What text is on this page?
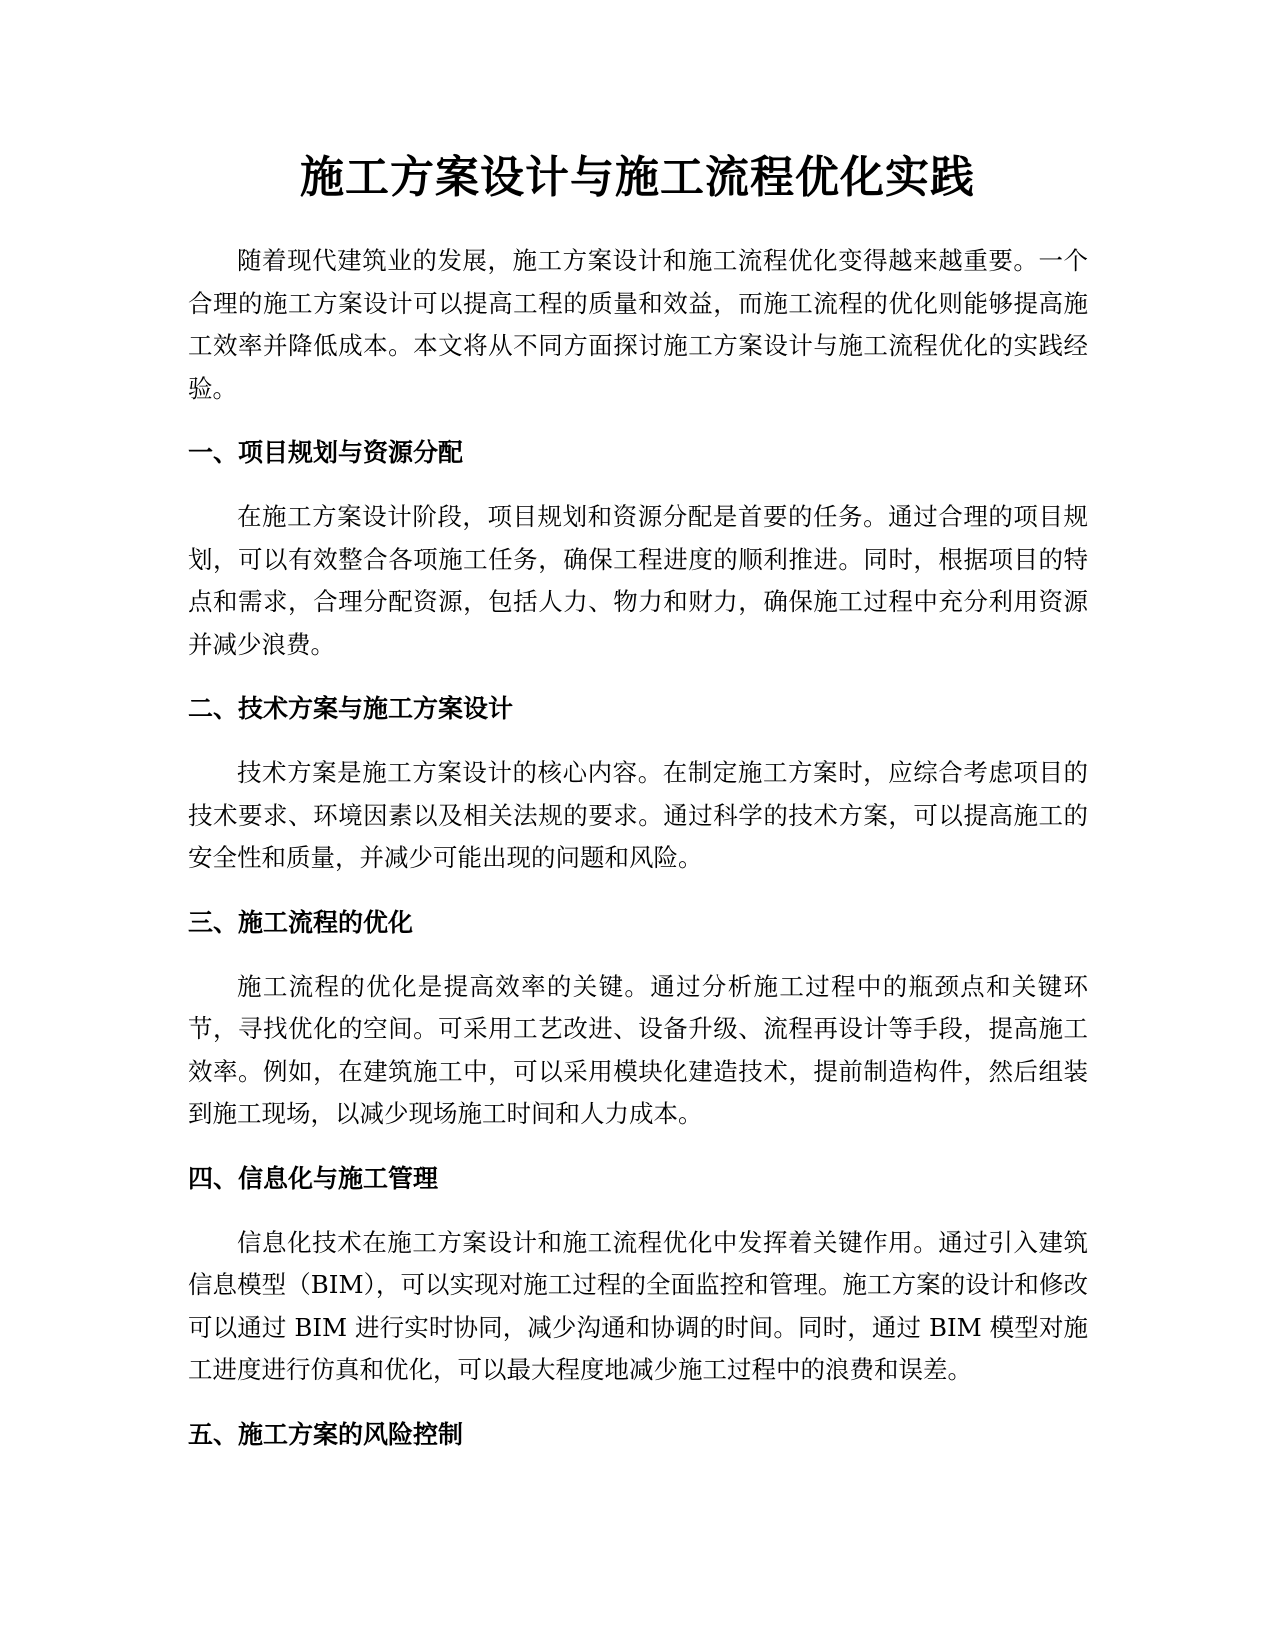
施工方案设计与施工流程优化实践

随着现代建筑业的发展，施工方案设计和施工流程优化变得越来越重要。一个合理的施工方案设计可以提高工程的质量和效益，而施工流程的优化则能够提高施工效率并降低成本。本文将从不同方面探讨施工方案设计与施工流程优化的实践经验。

一、项目规划与资源分配

在施工方案设计阶段，项目规划和资源分配是首要的任务。通过合理的项目规划，可以有效整合各项施工任务，确保工程进度的顺利推进。同时，根据项目的特点和需求，合理分配资源，包括人力、物力和财力，确保施工过程中充分利用资源并减少浪费。

二、技术方案与施工方案设计

技术方案是施工方案设计的核心内容。在制定施工方案时，应综合考虑项目的技术要求、环境因素以及相关法规的要求。通过科学的技术方案，可以提高施工的安全性和质量，并减少可能出现的问题和风险。

三、施工流程的优化

施工流程的优化是提高效率的关键。通过分析施工过程中的瓶颈点和关键环节，寻找优化的空间。可采用工艺改进、设备升级、流程再设计等手段，提高施工效率。例如，在建筑施工中，可以采用模块化建造技术，提前制造构件，然后组装到施工现场，以减少现场施工时间和人力成本。

四、信息化与施工管理

信息化技术在施工方案设计和施工流程优化中发挥着关键作用。通过引入建筑信息模型（BIM），可以实现对施工过程的全面监控和管理。施工方案的设计和修改可以通过 BIM 进行实时协同，减少沟通和协调的时间。同时，通过 BIM 模型对施工进度进行仿真和优化，可以最大程度地减少施工过程中的浪费和误差。

五、施工方案的风险控制
